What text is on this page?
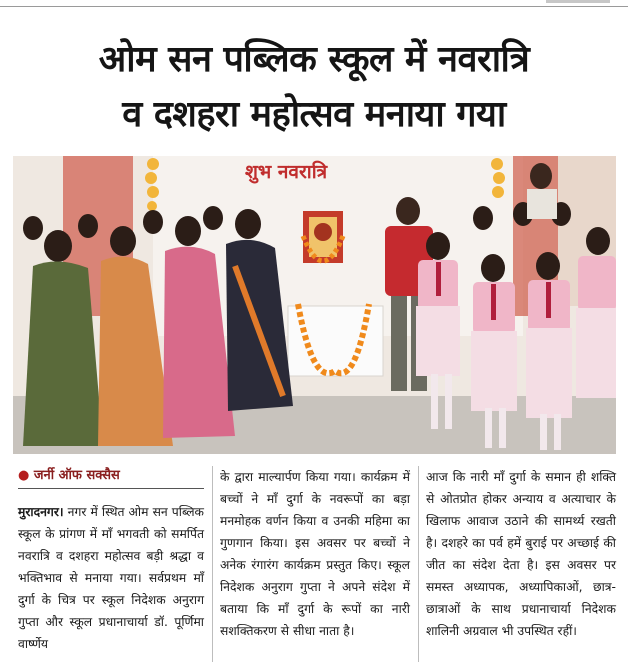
ओम सन पब्लिक स्कूल में नवरात्रि
व दशहरा महोत्सव मनाया गया
शुभ नवरात्रि
● जर्नी ऑफ सक्सैस
मुरादनगर। नगर में स्थित ओम सन पब्लिक स्कूल के प्रांगण में माँ भगवती को समर्पित नवरात्रि व दशहरा महोत्सव बड़ी श्रद्धा व भक्तिभाव से मनाया गया। सर्वप्रथम माँ दुर्गा के चित्र पर स्कूल निदेशक अनुराग गुप्ता और स्कूल प्रधानाचार्या डॉ. पूर्णिमा वार्ष्णेय
के द्वारा माल्यार्पण किया गया। कार्यक्रम में बच्चों ने माँ दुर्गा के नवरूपों का बड़ा मनमोहक वर्णन किया व उनकी महिमा का गुणगान किया। इस अवसर पर बच्चों ने अनेक रंगारंग कार्यक्रम प्रस्तुत किए। स्कूल निदेशक अनुराग गुप्ता ने अपने संदेश में बताया कि माँ दुर्गा के रूपों का नारी सशक्तिकरण से सीधा नाता है।
आज कि नारी माँ दुर्गा के समान ही शक्ति से ओतप्रोत होकर अन्याय व अत्याचार के खिलाफ आवाज उठाने की सामर्थ्य रखती है। दशहरे का पर्व हमें बुराई पर अच्छाई की जीत का संदेश देता है। इस अवसर पर समस्त अध्यापक, अध्यापिकाओं, छात्र-छात्राओं के साथ प्रधानाचार्या निदेशक शालिनी अग्रवाल भी उपस्थित रहीं।
